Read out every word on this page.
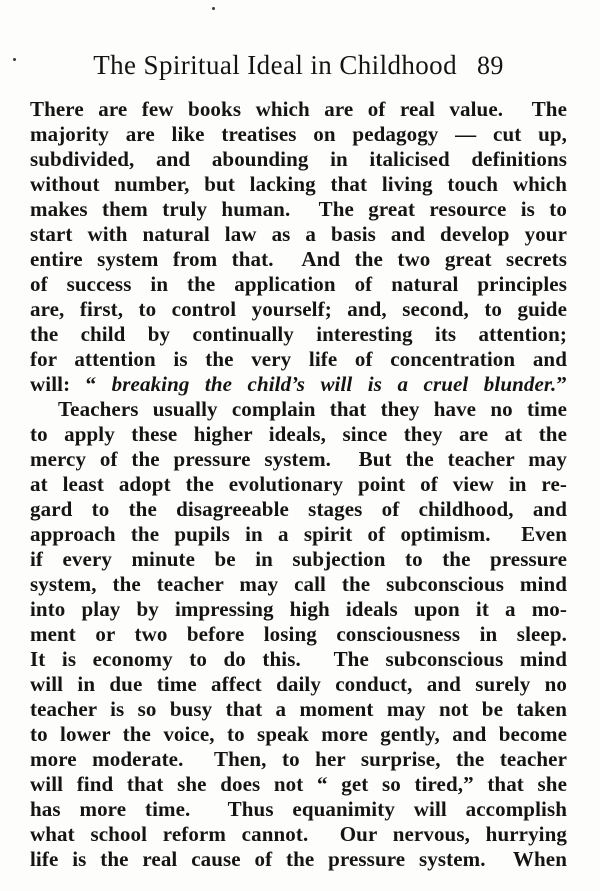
The Spiritual Ideal in Childhood 89
There are few books which are of real value.  The
majority are like treatises on pedagogy — cut up,
subdivided, and abounding in italicised definitions
without number, but lacking that living touch which
makes them truly human.  The great resource is to
start with natural law as a basis and develop your
entire system from that.  And the two great secrets
of success in the application of natural principles
are, first, to control yourself; and, second, to guide
the child by continually interesting its attention;
for attention is the very life of concentration and
will: “ breaking the child’s will is a cruel blunder.”
Teachers usually complain that they have no time
to apply these higher ideals, since they are at the
mercy of the pressure system.  But the teacher may
at least adopt the evolutionary point of view in re-
gard to the disagreeable stages of childhood, and
approach the pupils in a spirit of optimism.  Even
if every minute be in subjection to the pressure
system, the teacher may call the subconscious mind
into play by impressing high ideals upon it a mo-
ment or two before losing consciousness in sleep.
It is economy to do this.  The subconscious mind
will in due time affect daily conduct, and surely no
teacher is so busy that a moment may not be taken
to lower the voice, to speak more gently, and become
more moderate.  Then, to her surprise, the teacher
will find that she does not “ get so tired,” that she
has more time.  Thus equanimity will accomplish
what school reform cannot.  Our nervous, hurrying
life is the real cause of the pressure system.  When
